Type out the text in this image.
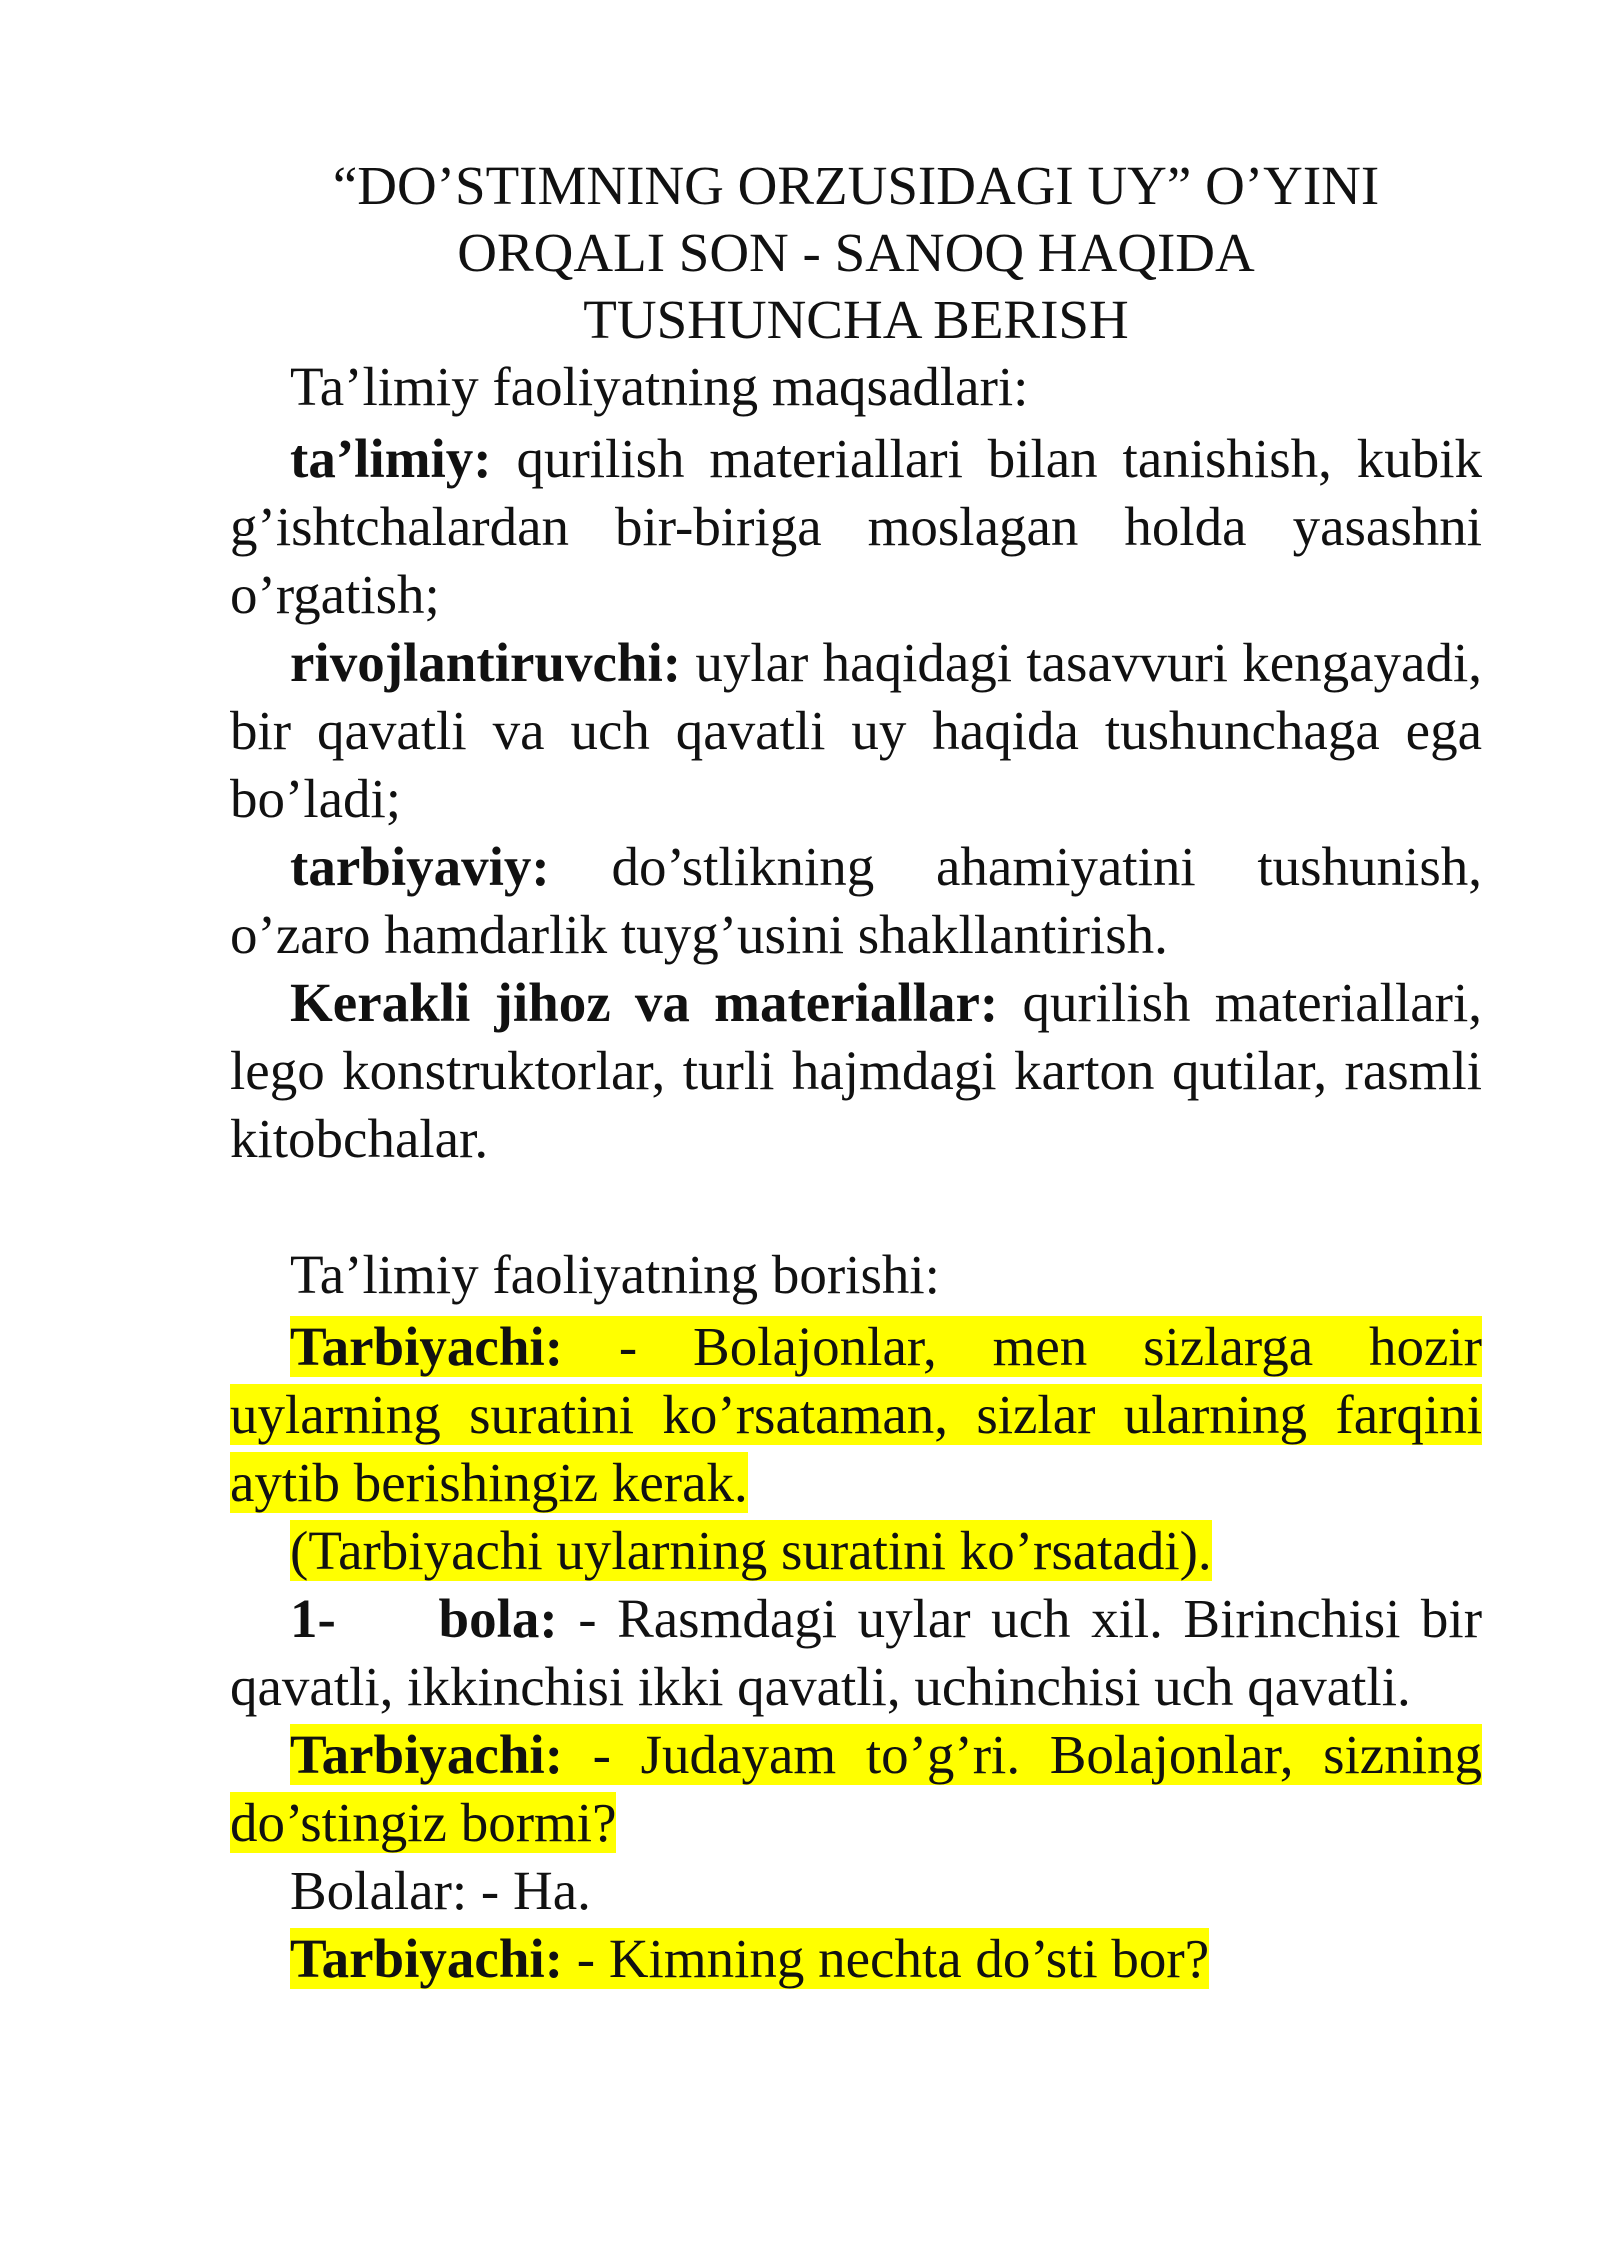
“DO’STIMNING ORZUSIDAGI UY” O’YINI
ORQALI SON - SANOQ HAQIDA
TUSHUNCHA BERISH

Ta’limiy faoliyatning maqsadlari:

ta’limiy: qurilish materiallari bilan tanishish, kubik g’ishtchalardan bir-biriga moslagan holda yasashni o’rgatish;

rivojlantiruvchi: uylar haqidagi tasavvuri kengayadi, bir qavatli va uch qavatli uy haqida tushunchaga ega bo’ladi;

tarbiyaviy: do’stlikning ahamiyatini tushunish, o’zaro hamdarlik tuyg’usini shakllantirish.

Kerakli jihoz va materiallar: qurilish materiallari, lego konstruktorlar, turli hajmdagi karton qutilar, rasmli kitobchalar.

Ta’limiy faoliyatning borishi:

Tarbiyachi: - Bolajonlar, men sizlarga hozir uylarning suratini ko’rsataman, sizlar ularning farqini aytib berishingiz kerak.

(Tarbiyachi uylarning suratini ko’rsatadi).

1- bola: - Rasmdagi uylar uch xil. Birinchisi bir qavatli, ikkinchisi ikki qavatli, uchinchisi uch qavatli.

Tarbiyachi: - Judayam to’g’ri. Bolajonlar, sizning do’stingiz bormi?

Bolalar: - Ha.

Tarbiyachi: - Kimning nechta do’sti bor?
